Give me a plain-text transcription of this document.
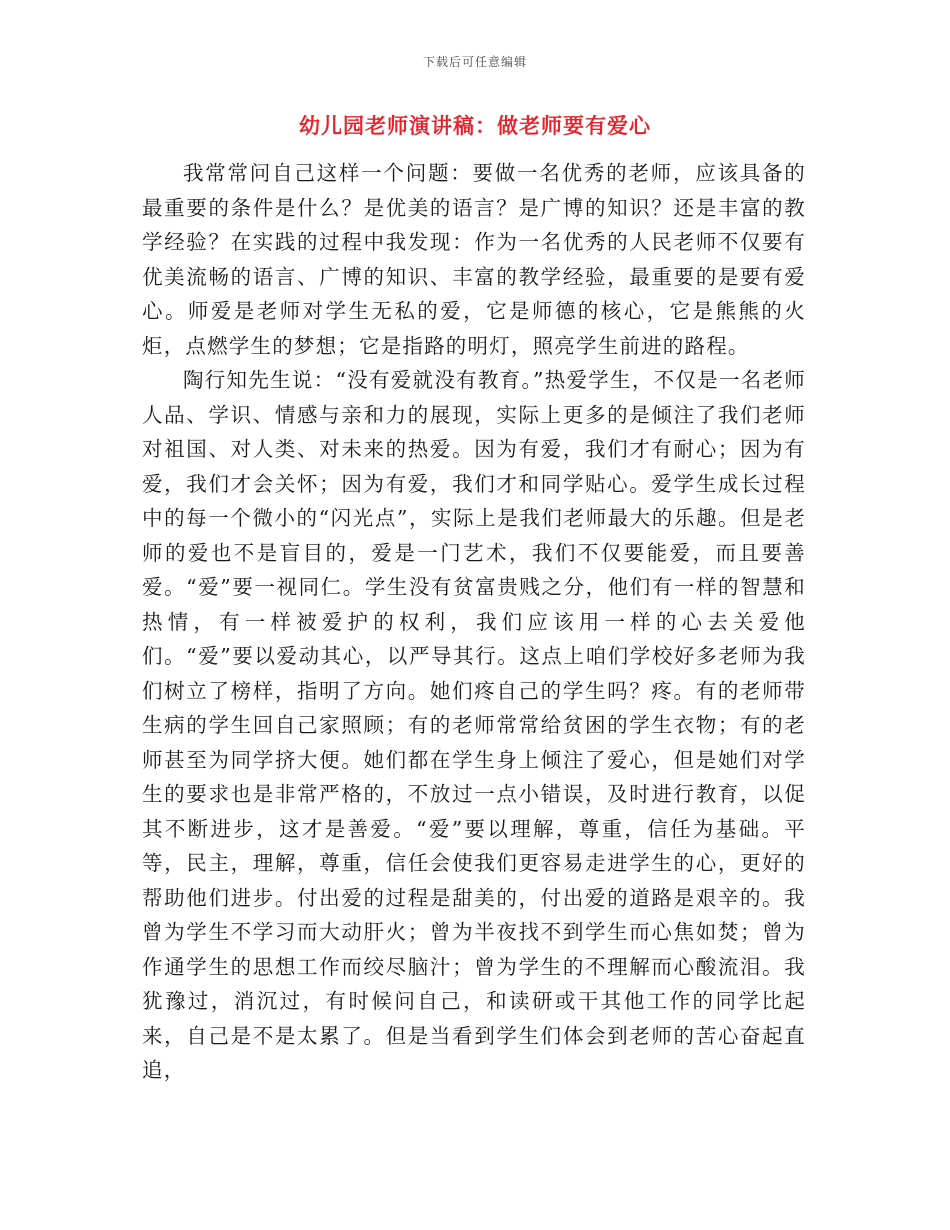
下载后可任意编辑
幼儿园老师演讲稿：做老师要有爱心

我常常问自己这样一个问题：要做一名优秀的老师，应该具备的最重要的条件是什么？是优美的语言？是广博的知识？还是丰富的教学经验？在实践的过程中我发现：作为一名优秀的人民老师不仅要有优美流畅的语言、广博的知识、丰富的教学经验，最重要的是要有爱心。师爱是老师对学生无私的爱，它是师德的核心，它是熊熊的火炬，点燃学生的梦想；它是指路的明灯，照亮学生前进的路程。

陶行知先生说：“没有爱就没有教育。”热爱学生，不仅是一名老师人品、学识、情感与亲和力的展现，实际上更多的是倾注了我们老师对祖国、对人类、对未来的热爱。因为有爱，我们才有耐心；因为有爱，我们才会关怀；因为有爱，我们才和同学贴心。爱学生成长过程中的每一个微小的“闪光点”，实际上是我们老师最大的乐趣。但是老师的爱也不是盲目的，爱是一门艺术，我们不仅要能爱，而且要善爱。“爱”要一视同仁。学生没有贫富贵贱之分，他们有一样的智慧和热情，有一样被爱护的权利，我们应该用一样的心去关爱他们。“爱”要以爱动其心，以严导其行。这点上咱们学校好多老师为我们树立了榜样，指明了方向。她们疼自己的学生吗？疼。有的老师带生病的学生回自己家照顾；有的老师常常给贫困的学生衣物；有的老师甚至为同学挤大便。她们都在学生身上倾注了爱心，但是她们对学生的要求也是非常严格的，不放过一点小错误，及时进行教育，以促其不断进步，这才是善爱。“爱”要以理解，尊重，信任为基础。平等，民主，理解，尊重，信任会使我们更容易走进学生的心，更好的帮助他们进步。付出爱的过程是甜美的，付出爱的道路是艰辛的。我曾为学生不学习而大动肝火；曾为半夜找不到学生而心焦如焚；曾为作通学生的思想工作而绞尽脑汁；曾为学生的不理解而心酸流泪。我犹豫过，消沉过，有时候问自己，和读研或干其他工作的同学比起来，自己是不是太累了。但是当看到学生们体会到老师的苦心奋起直追，
